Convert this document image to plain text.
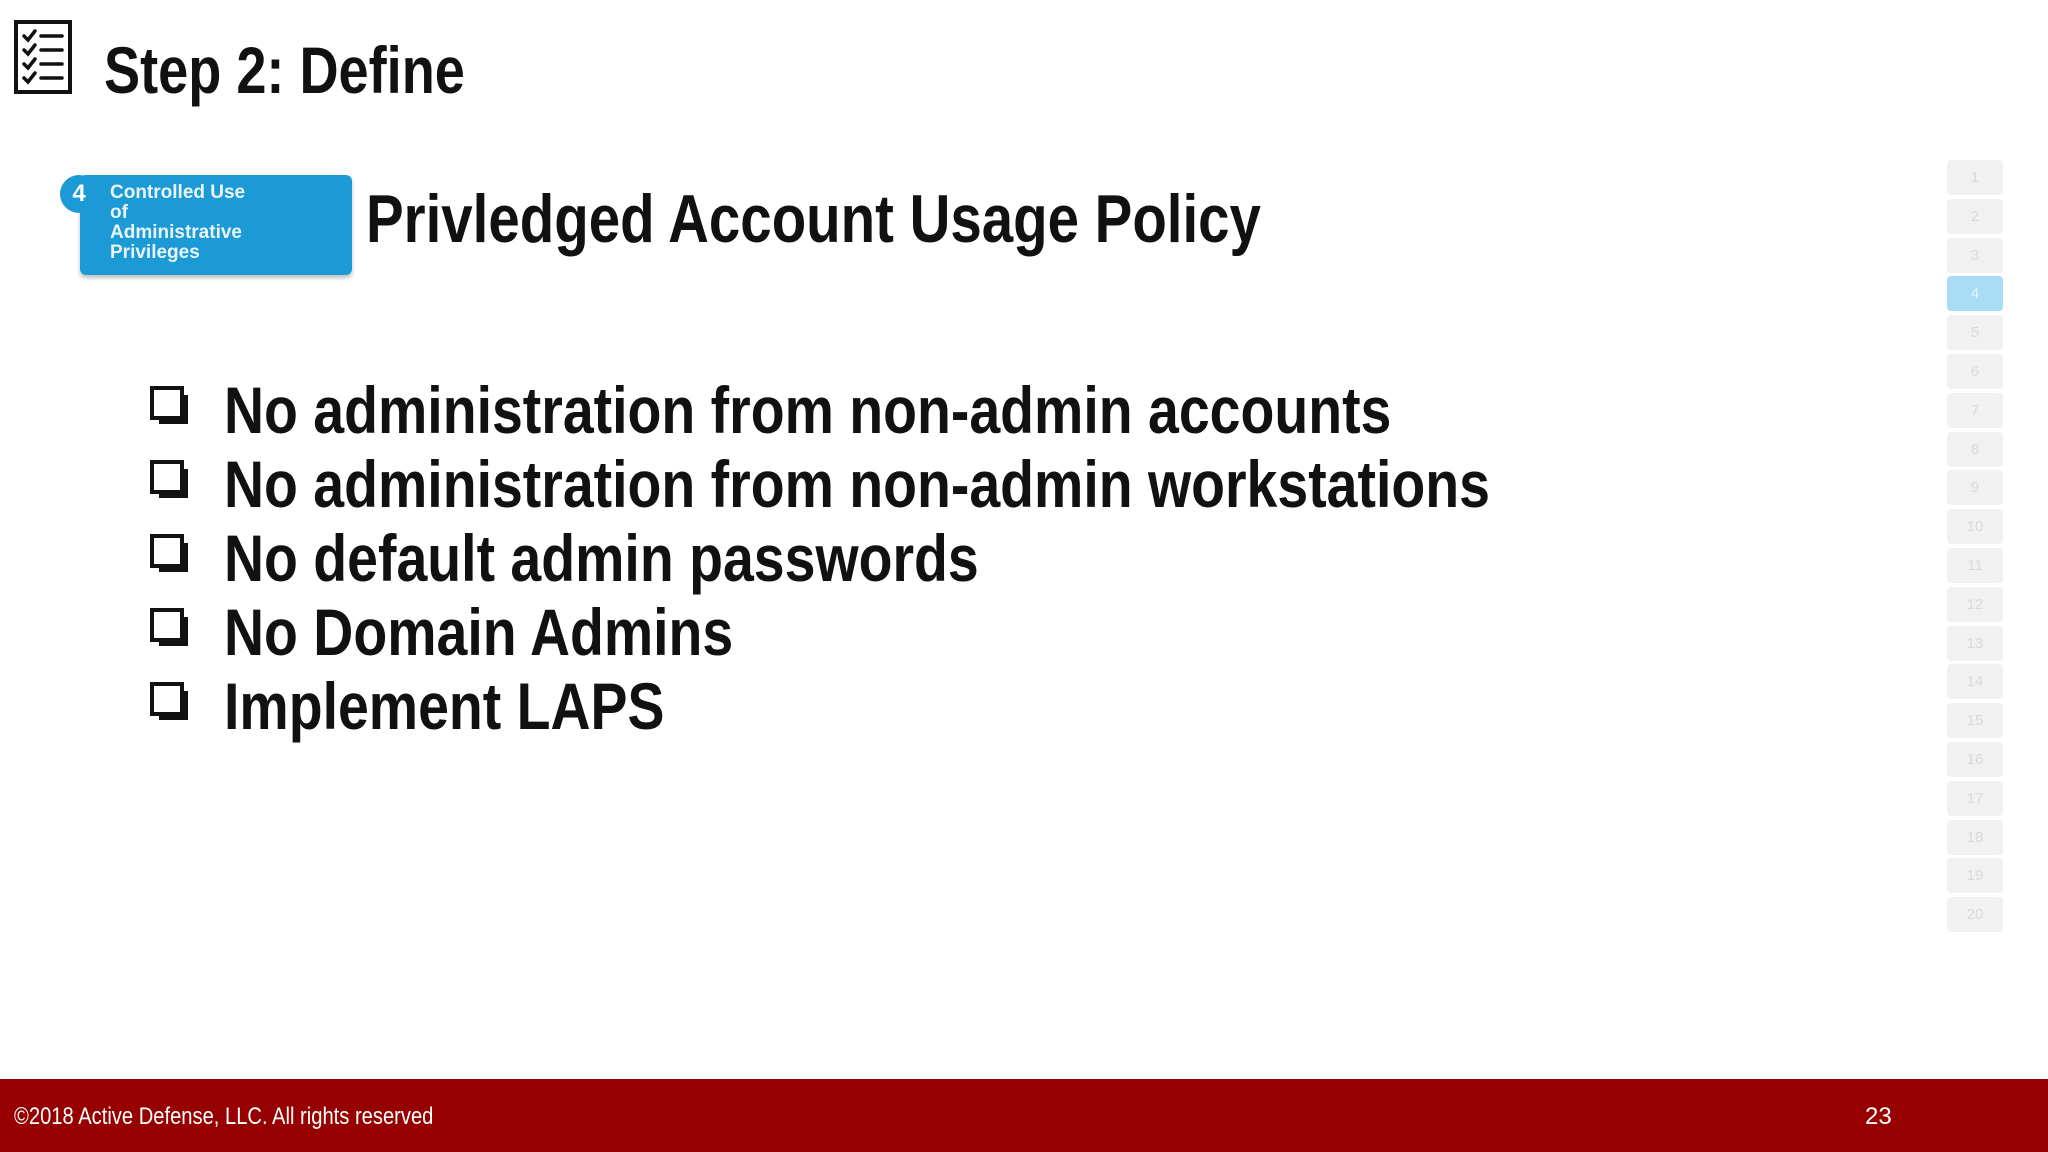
Step 2: Define
4	Controlled Use of Administrative Privileges	Privledged Account Usage Policy
No administration from non-admin accounts
No administration from non-admin workstations
No default admin passwords
No Domain Admins
Implement LAPS
1
2
3
4
5
6
7
8
9
10
11
12
13
14
15
16
17
18
19
20
©2018 Active Defense, LLC. All rights reserved	23
